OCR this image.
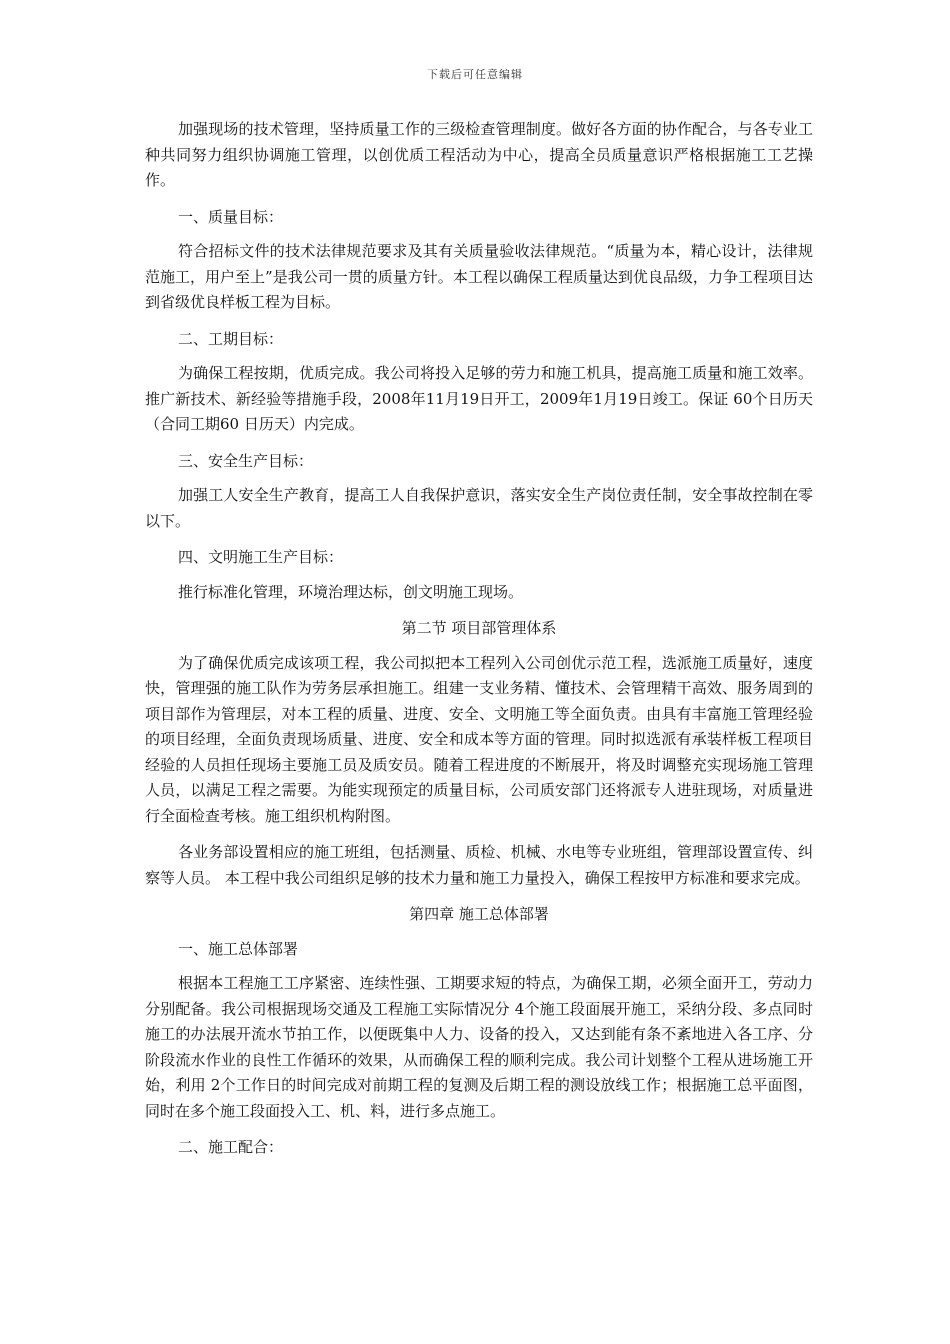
下载后可任意编辑

加强现场的技术管理，坚持质量工作的三级检查管理制度。做好各方面的协作配合，与各专业工种共同努力组织协调施工管理，以创优质工程活动为中心，提高全员质量意识严格根据施工工艺操作。

一、质量目标：

符合招标文件的技术法律规范要求及其有关质量验收法律规范。“质量为本，精心设计，法律规范施工，用户至上”是我公司一贯的质量方针。本工程以确保工程质量达到优良品级，力争工程项目达到省级优良样板工程为目标。

二、工期目标：

为确保工程按期，优质完成。我公司将投入足够的劳力和施工机具，提高施工质量和施工效率。推广新技术、新经验等措施手段，2008年11月19日开工，2009年1月19日竣工。保证 60个日历天（合同工期60 日历天）内完成。

三、安全生产目标：

加强工人安全生产教育，提高工人自我保护意识，落实安全生产岗位责任制，安全事故控制在零以下。

四、文明施工生产目标：

推行标准化管理，环境治理达标，创文明施工现场。

第二节 项目部管理体系

为了确保优质完成该项工程，我公司拟把本工程列入公司创优示范工程，选派施工质量好，速度快，管理强的施工队作为劳务层承担施工。组建一支业务精、懂技术、会管理精干高效、服务周到的项目部作为管理层，对本工程的质量、进度、安全、文明施工等全面负责。由具有丰富施工管理经验的项目经理，全面负责现场质量、进度、安全和成本等方面的管理。同时拟选派有承装样板工程项目经验的人员担任现场主要施工员及质安员。随着工程进度的不断展开，将及时调整充实现场施工管理人员，以满足工程之需要。为能实现预定的质量目标，公司质安部门还将派专人进驻现场，对质量进行全面检查考核。施工组织机构附图。

各业务部设置相应的施工班组，包括测量、质检、机械、水电等专业班组，管理部设置宣传、纠察等人员。 本工程中我公司组织足够的技术力量和施工力量投入，确保工程按甲方标准和要求完成。

第四章 施工总体部署

一、施工总体部署

根据本工程施工工序紧密、连续性强、工期要求短的特点，为确保工期，必须全面开工，劳动力分别配备。我公司根据现场交通及工程施工实际情况分 4个施工段面展开施工，采纳分段、多点同时施工的办法展开流水节拍工作，以便既集中人力、设备的投入，又达到能有条不紊地进入各工序、分阶段流水作业的良性工作循环的效果，从而确保工程的顺利完成。我公司计划整个工程从进场施工开始，利用 2个工作日的时间完成对前期工程的复测及后期工程的测设放线工作；根据施工总平面图，同时在多个施工段面投入工、机、料，进行多点施工。

二、施工配合：
